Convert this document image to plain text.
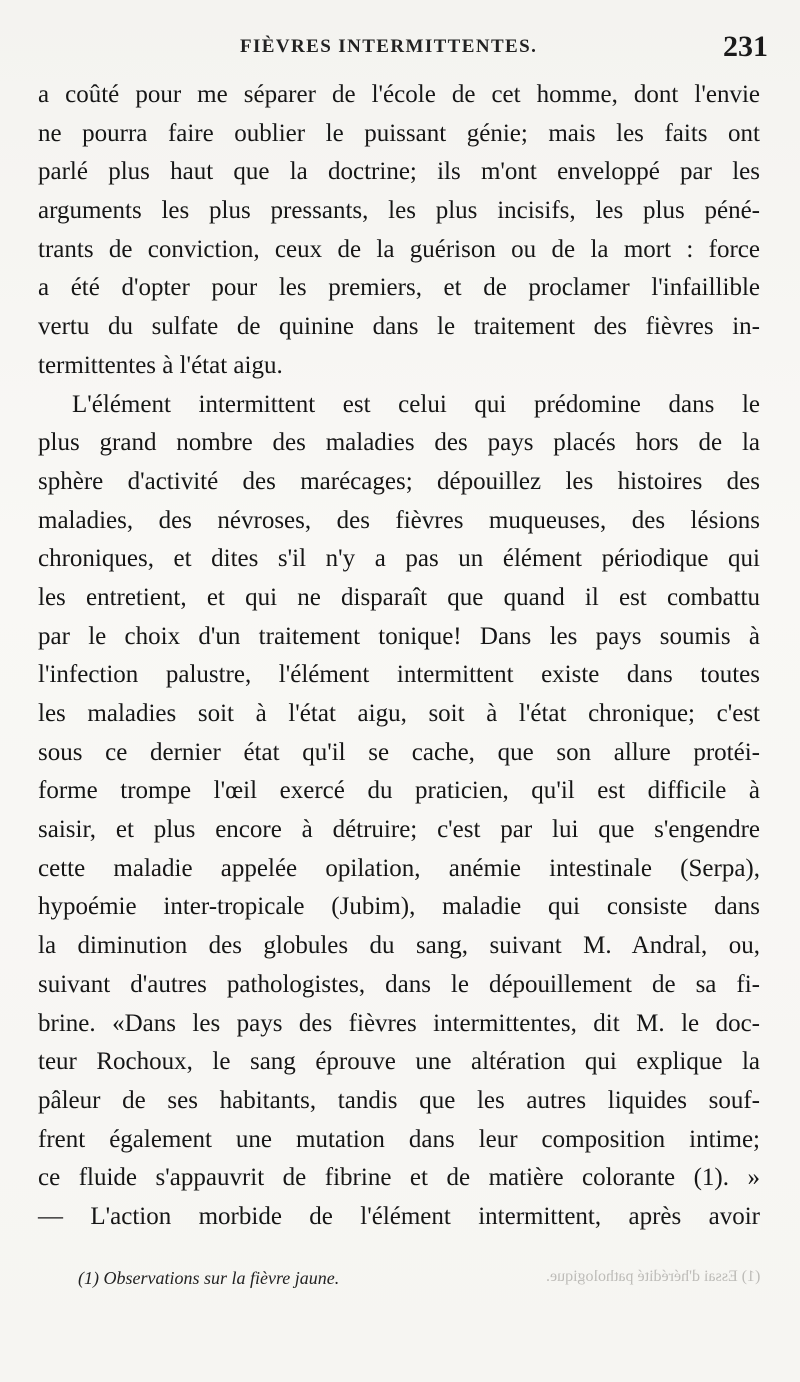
FIÈVRES INTERMITTENTES.	231
a coûté pour me séparer de l'école de cet homme, dont l'envie
ne pourra faire oublier le puissant génie; mais les faits ont
parlé plus haut que la doctrine; ils m'ont enveloppé par les
arguments les plus pressants, les plus incisifs, les plus péné-
trants de conviction, ceux de la guérison ou de la mort : force
a été d'opter pour les premiers, et de proclamer l'infaillible
vertu du sulfate de quinine dans le traitement des fièvres in-
termittentes à l'état aigu.
L'élément intermittent est celui qui prédomine dans le
plus grand nombre des maladies des pays placés hors de la
sphère d'activité des marécages; dépouillez les histoires des
maladies, des névroses, des fièvres muqueuses, des lésions
chroniques, et dites s'il n'y a pas un élément périodique qui
les entretient, et qui ne disparaît que quand il est combattu
par le choix d'un traitement tonique! Dans les pays soumis à
l'infection palustre, l'élément intermittent existe dans toutes
les maladies soit à l'état aigu, soit à l'état chronique; c'est
sous ce dernier état qu'il se cache, que son allure protéi-
forme trompe l'œil exercé du praticien, qu'il est difficile à
saisir, et plus encore à détruire; c'est par lui que s'engendre
cette maladie appelée opilation, anémie intestinale (Serpa),
hypoémie inter-tropicale (Jubim), maladie qui consiste dans
la diminution des globules du sang, suivant M. Andral, ou,
suivant d'autres pathologistes, dans le dépouillement de sa fi-
brine. «Dans les pays des fièvres intermittentes, dit M. le doc-
teur Rochoux, le sang éprouve une altération qui explique la
pâleur de ses habitants, tandis que les autres liquides souf-
frent également une mutation dans leur composition intime;
ce fluide s'appauvrit de fibrine et de matière colorante (1). »
— L'action morbide de l'élément intermittent, après avoir
(1) Observations sur la fièvre jaune.	(1) Essai d'hérédité pathologique.
